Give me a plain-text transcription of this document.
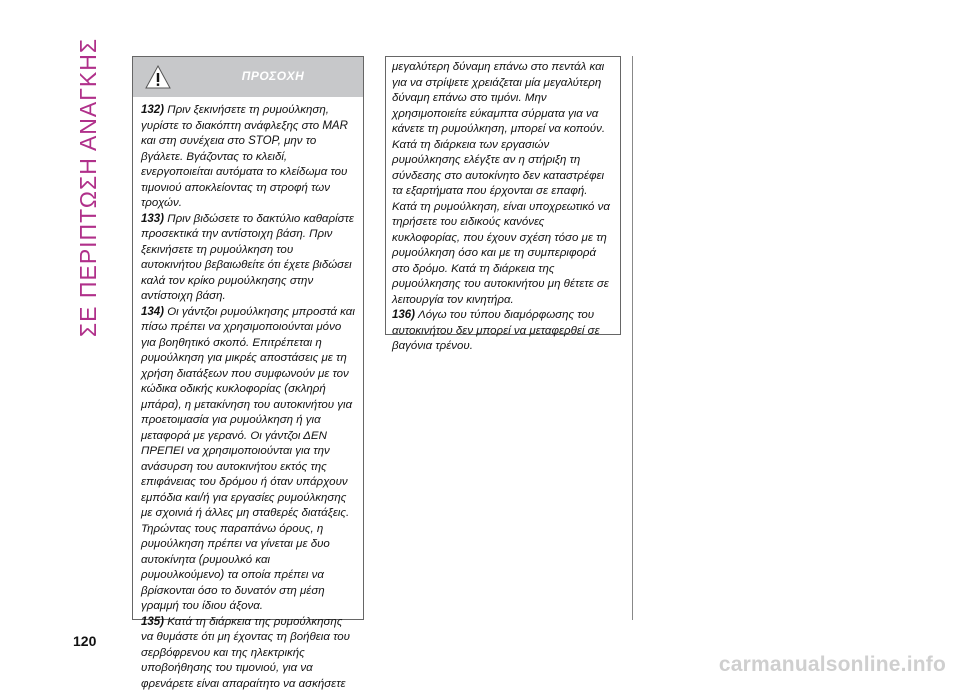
ΣΕ ΠΕΡΙΠΤΩΣΗ ΑΝΑΓΚΗΣ	ΠΡΟΣΟΧΗ

132) Πριν ξεκινήσετε τη ρυμούλκηση, γυρίστε το διακόπτη ανάφλεξης στο MAR και στη συνέχεια στο STOP, μην το βγάλετε. Βγάζοντας το κλειδί, ενεργοποιείται αυτόματα το κλείδωμα του τιμονιού αποκλείοντας τη στροφή των τροχών.

133) Πριν βιδώσετε το δακτύλιο καθαρίστε προσεκτικά την αντίστοιχη βάση. Πριν ξεκινήσετε τη ρυμούλκηση του αυτοκινήτου βεβαιωθείτε ότι έχετε βιδώσει καλά τον κρίκο ρυμούλκησης στην αντίστοιχη βάση.

134) Οι γάντζοι ρυμούλκησης μπροστά και πίσω πρέπει να χρησιμοποιούνται μόνο για βοηθητικό σκοπό. Επιτρέπεται η ρυμούλκηση για μικρές αποστάσεις με τη χρήση διατάξεων που συμφωνούν με τον κώδικα οδικής κυκλοφορίας (σκληρή μπάρα), η μετακίνηση του αυτοκινήτου για προετοιμασία για ρυμούλκηση ή για μεταφορά με γερανό. Οι γάντζοι ΔΕΝ ΠΡΕΠΕΙ να χρησιμοποιούνται για την ανάσυρση του αυτοκινήτου εκτός της επιφάνειας του δρόμου ή όταν υπάρχουν εμπόδια και/ή για εργασίες ρυμούλκησης με σχοινιά ή άλλες μη σταθερές διατάξεις. Τηρώντας τους παραπάνω όρους, η ρυμούλκηση πρέπει να γίνεται με δυο αυτοκίνητα (ρυμουλκό και ρυμουλκούμενο) τα οποία πρέπει να βρίσκονται όσο το δυνατόν στη μέση γραμμή του ίδιου άξονα.

135) Κατά τη διάρκεια της ρυμούλκησης να θυμάστε ότι μη έχοντας τη βοήθεια του σερβόφρενου και της ηλεκτρικής υποβοήθησης του τιμονιού, για να φρενάρετε είναι απαραίτητο να ασκήσετε

μεγαλύτερη δύναμη επάνω στο πεντάλ και για να στρίψετε χρειάζεται μία μεγαλύτερη δύναμη επάνω στο τιμόνι. Μην χρησιμοποιείτε εύκαμπτα σύρματα για να κάνετε τη ρυμούλκηση, μπορεί να κοπούν. Κατά τη διάρκεια των εργασιών ρυμούλκησης ελέγξτε αν η στήριξη τη σύνδεσης στο αυτοκίνητο δεν καταστρέφει τα εξαρτήματα που έρχονται σε επαφή. Κατά τη ρυμούλκηση, είναι υποχρεωτικό να τηρήσετε του ειδικούς κανόνες κυκλοφορίας, που έχουν σχέση τόσο με τη ρυμούλκηση όσο και με τη συμπεριφορά στο δρόμο. Κατά τη διάρκεια της ρυμούλκησης του αυτοκινήτου μη θέτετε σε λειτουργία τον κινητήρα.

136) Λόγω του τύπου διαμόρφωσης του αυτοκινήτου δεν μπορεί να μεταφερθεί σε βαγόνια τρένου.

120
carmanualsonline.info
